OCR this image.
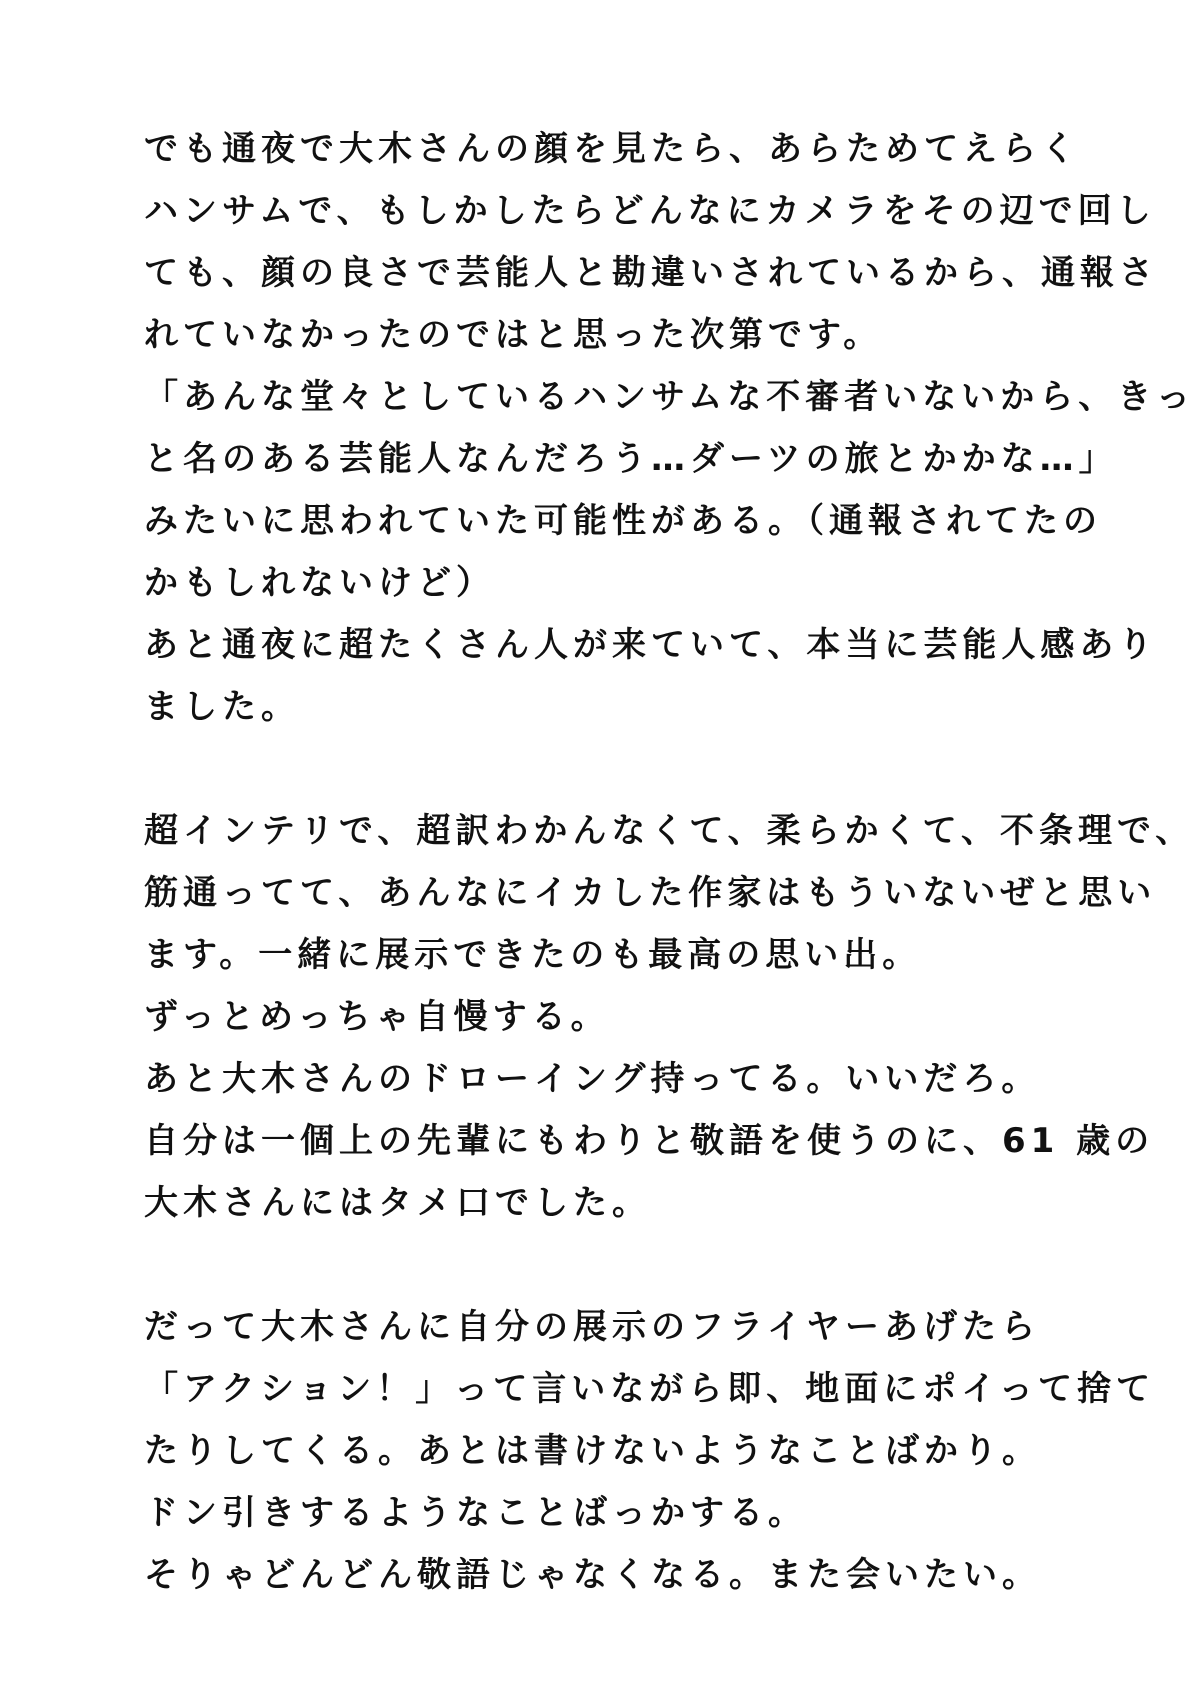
でも通夜で大木さんの顔を見たら、あらためてえらく
ハンサムで、もしかしたらどんなにカメラをその辺で回し
ても、顔の良さで芸能人と勘違いされているから、通報さ
れていなかったのではと思った次第です。
「あんな堂々としているハンサムな不審者いないから、きっ
と名のある芸能人なんだろう…ダーツの旅とかかな…」
みたいに思われていた可能性がある。（通報されてたの
かもしれないけど）
あと通夜に超たくさん人が来ていて、本当に芸能人感あり
ました。
超インテリで、超訳わかんなくて、柔らかくて、不条理で、
筋通ってて、あんなにイカした作家はもういないぜと思い
ます。一緒に展示できたのも最高の思い出。
ずっとめっちゃ自慢する。
あと大木さんのドローイング持ってる。いいだろ。
自分は一個上の先輩にもわりと敬語を使うのに、61 歳の
大木さんにはタメ口でした。
だって大木さんに自分の展示のフライヤーあげたら
「アクション！」って言いながら即、地面にポイって捨て
たりしてくる。あとは書けないようなことばかり。
ドン引きするようなことばっかする。
そりゃどんどん敬語じゃなくなる。また会いたい。
